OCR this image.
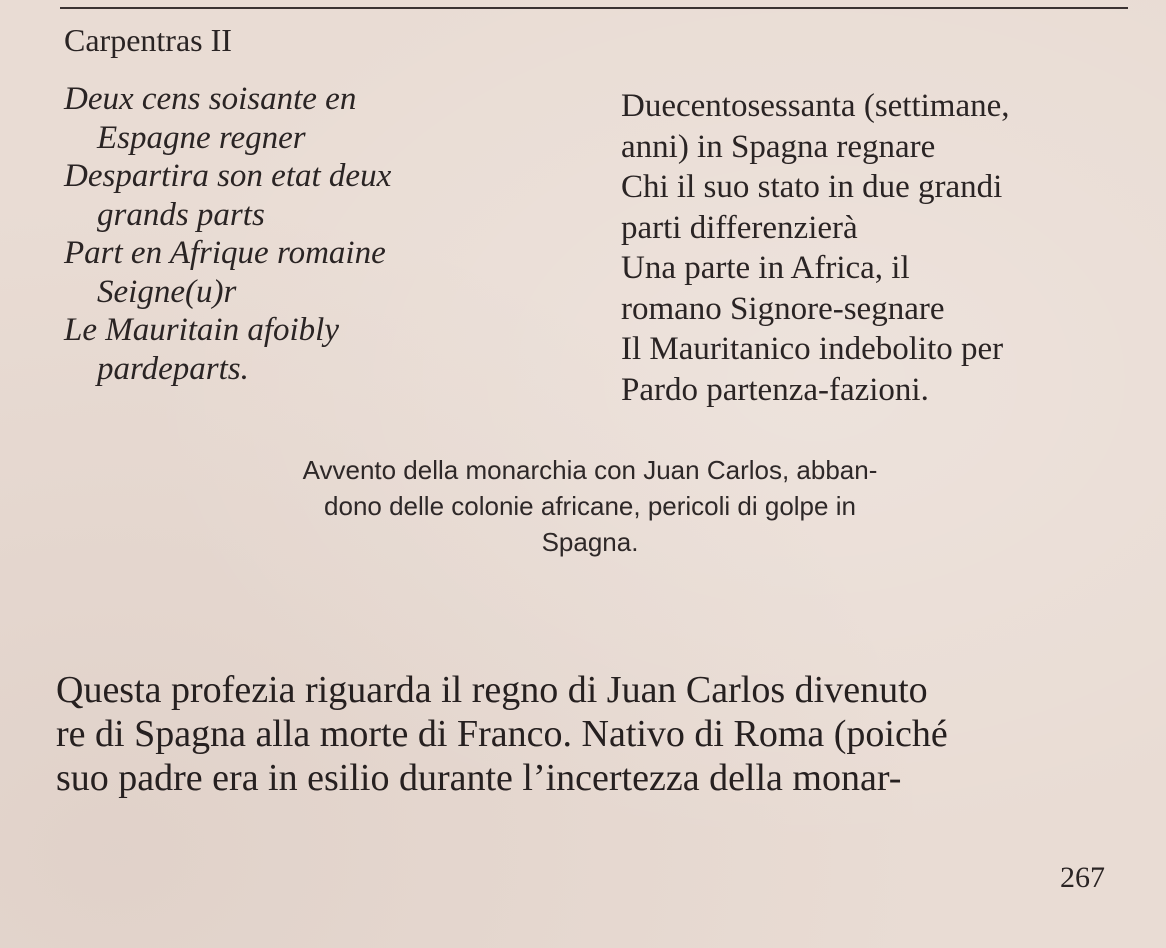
Carpentras II
Deux cens soisante en
Espagne regner
Despartira son etat deux
grands parts
Part en Afrique romaine
Seigne(u)r
Le Mauritain afoibly
pardeparts.
Duecentosessanta (settimane,
anni) in Spagna regnare
Chi il suo stato in due grandi
parti differenzierà
Una parte in Africa, il
romano Signore-segnare
Il Mauritanico indebolito per
Pardo partenza-fazioni.
Avvento della monarchia con Juan Carlos, abban-
dono delle colonie africane, pericoli di golpe in
Spagna.
Questa profezia riguarda il regno di Juan Carlos divenuto
re di Spagna alla morte di Franco. Nativo di Roma (poiché
suo padre era in esilio durante l’incertezza della monar-
267
